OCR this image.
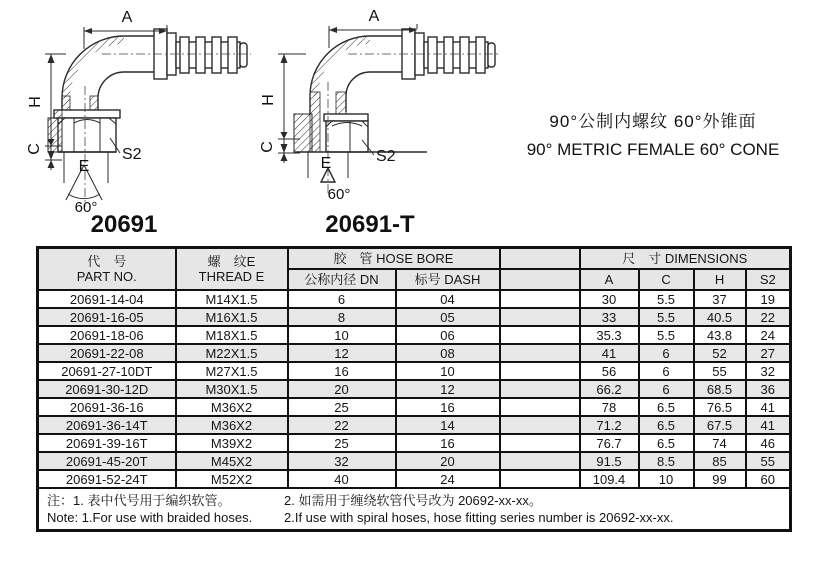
A
H
C	S2
E
60°
20691
A
H
C
S2
E
60°
20691-T
90°公制内螺纹 60°外锥面
90° METRIC FEMALE 60° CONE
代　号
PART NO.

螺　纹E
THREAD E
	胶　管 HOSE BORE		尺　寸 DIMENSIONS
		公称内径 DN	标号 DASH		A	C	H	S2
20691-14-04	M14X1.5	6	04		30	5.5	37	19
20691-16-05	M16X1.5	8	05		33	5.5	40.5	22
20691-18-06	M18X1.5	10	06		35.3	5.5	43.8	24
20691-22-08	M22X1.5	12	08		41	6	52	27
20691-27-10DT	M27X1.5	16	10		56	6	55	32
20691-30-12D	M30X1.5	20	12		66.2	6	68.5	36
20691-36-16	M36X2	25	16		78	6.5	76.5	41
20691-36-14T	M36X2	22	14		71.2	6.5	67.5	41
20691-39-16T	M39X2	25	16		76.7	6.5	74	46
20691-45-20T	M45X2	32	20		91.5	8.5	85	55
20691-52-24T	M52X2	40	24		109.4	10	99	60

注：1. 表中代号用于编织软管。 2. 如需用于缠绕软管代号改为 20692-xx-xx。
Note: 1.For use with braided hoses. 2.If use with spiral hoses, hose fitting series number is 20692-xx-xx.								
